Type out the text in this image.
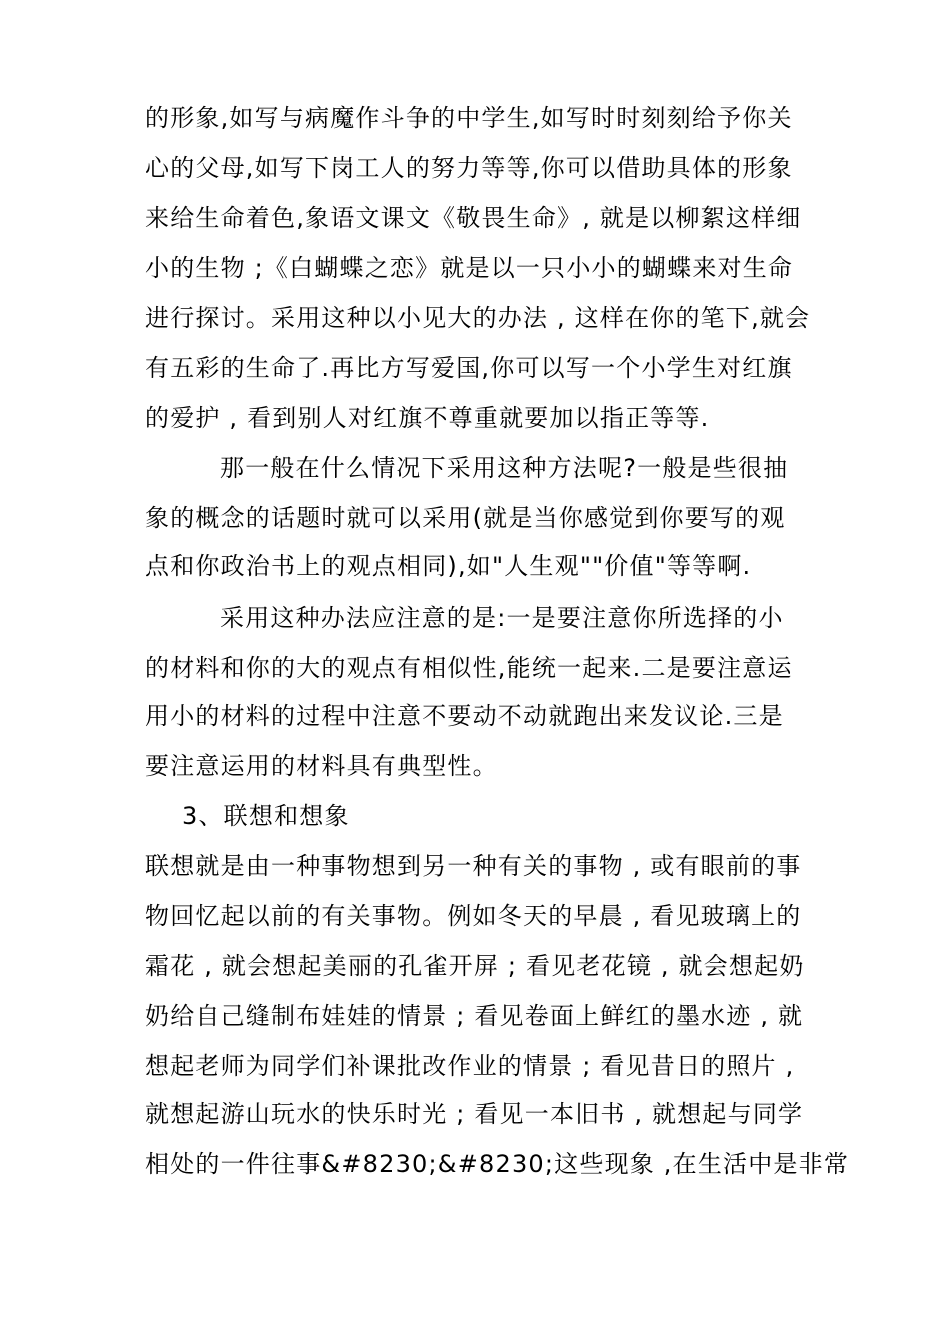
的形象,如写与病魔作斗争的中学生,如写时时刻刻给予你关
心的父母,如写下岗工人的努力等等,你可以借助具体的形象
来给生命着色,象语文课文《敬畏生命》, 就是以柳絮这样细
小的生物 ;《白蝴蝶之恋》就是以一只小小的蝴蝶来对生命
进行探讨。采用这种以小见大的办法 , 这样在你的笔下,就会
有五彩的生命了.再比方写爱国,你可以写一个小学生对红旗
的爱护 , 看到别人对红旗不尊重就要加以指正等等.
那一般在什么情况下采用这种方法呢?一般是些很抽
象的概念的话题时就可以采用(就是当你感觉到你要写的观
点和你政治书上的观点相同),如"人生观""价值"等等啊.
采用这种办法应注意的是:一是要注意你所选择的小
的材料和你的大的观点有相似性,能统一起来.二是要注意运
用小的材料的过程中注意不要动不动就跑出来发议论.三是
要注意运用的材料具有典型性。
3、联想和想象
联想就是由一种事物想到另一种有关的事物 , 或有眼前的事
物回忆起以前的有关事物。例如冬天的早晨 , 看见玻璃上的
霜花 , 就会想起美丽的孔雀开屏 ; 看见老花镜 , 就会想起奶
奶给自己缝制布娃娃的情景 ; 看见卷面上鲜红的墨水迹 , 就
想起老师为同学们补课批改作业的情景 ; 看见昔日的照片 ,
就想起游山玩水的快乐时光 ; 看见一本旧书 , 就想起与同学
相处的一件往事&#8230;&#8230;这些现象 ,在生活中是非常
